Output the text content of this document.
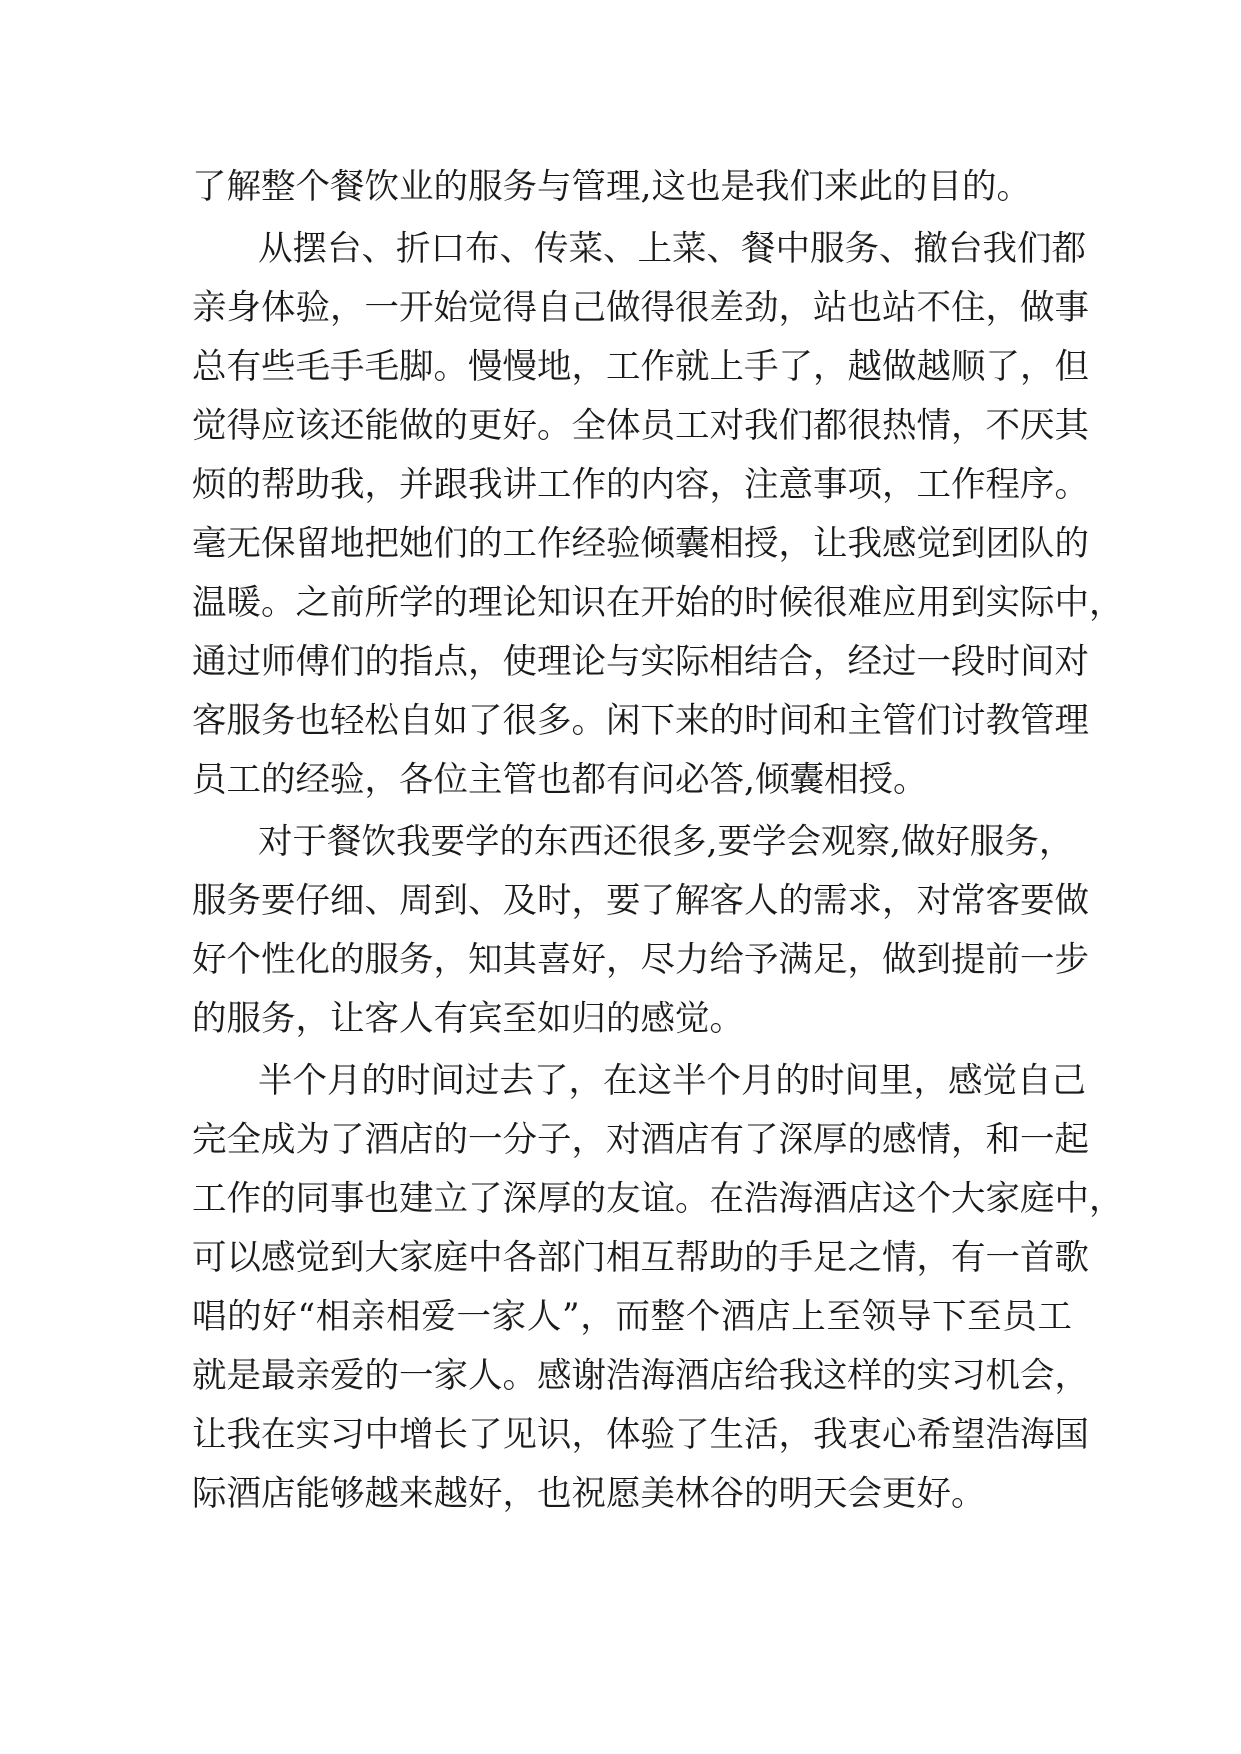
了解整个餐饮业的服务与管理,这也是我们来此的目的。
从摆台、折口布、传菜、上菜、餐中服务、撤台我们都
亲身体验，一开始觉得自己做得很差劲，站也站不住，做事
总有些毛手毛脚。慢慢地，工作就上手了，越做越顺了，但
觉得应该还能做的更好。全体员工对我们都很热情，不厌其
烦的帮助我，并跟我讲工作的内容，注意事项，工作程序。
毫无保留地把她们的工作经验倾囊相授，让我感觉到团队的
温暖。之前所学的理论知识在开始的时候很难应用到实际中，
通过师傅们的指点，使理论与实际相结合，经过一段时间对
客服务也轻松自如了很多。闲下来的时间和主管们讨教管理
员工的经验，各位主管也都有问必答,倾囊相授。
对于餐饮我要学的东西还很多,要学会观察,做好服务，
服务要仔细、周到、及时，要了解客人的需求，对常客要做
好个性化的服务，知其喜好，尽力给予满足，做到提前一步
的服务，让客人有宾至如归的感觉。
半个月的时间过去了，在这半个月的时间里，感觉自己
完全成为了酒店的一分子，对酒店有了深厚的感情，和一起
工作的同事也建立了深厚的友谊。在浩海酒店这个大家庭中，
可以感觉到大家庭中各部门相互帮助的手足之情，有一首歌
唱的好“相亲相爱一家人”，而整个酒店上至领导下至员工
就是最亲爱的一家人。感谢浩海酒店给我这样的实习机会，
让我在实习中增长了见识，体验了生活，我衷心希望浩海国
际酒店能够越来越好，也祝愿美林谷的明天会更好。
